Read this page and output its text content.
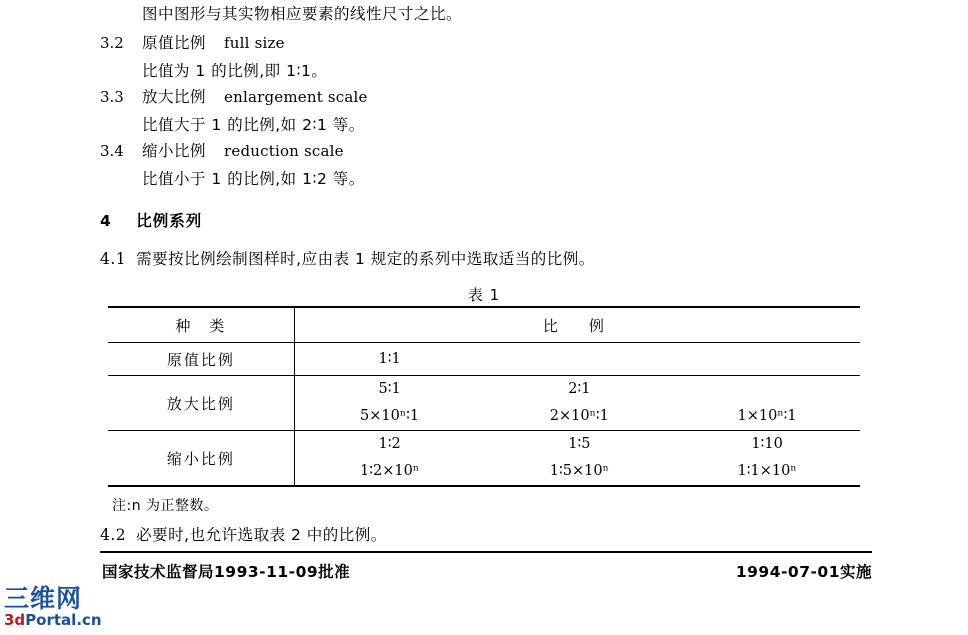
图中图形与其实物相应要素的线性尺寸之比。
3.2	原值比例 full size
比值为 1 的比例,即 1∶1。
3.3	放大比例 enlargement scale
比值大于 1 的比例,如 2∶1 等。
3.4	缩小比例 reduction scale
比值小于 1 的比例,如 1∶2 等。
4 比例系列
4.1 需要按比例绘制图样时,应由表 1 规定的系列中选取适当的比例。
表 1
种　类	比　例		
原值比例	1∶1		
放大比例	5∶1	2∶1	
	5×10ⁿ∶1	2×10ⁿ∶1	1×10ⁿ∶1
缩小比例	1∶2	1∶5	1∶10
	1∶2×10ⁿ	1∶5×10ⁿ	1∶1×10ⁿ
注:n 为正整数。
4.2 必要时,也允许选取表 2 中的比例。
国家技术监督局1993-11-09批准	1994-07-01实施
三维网
3dPortal.cn
